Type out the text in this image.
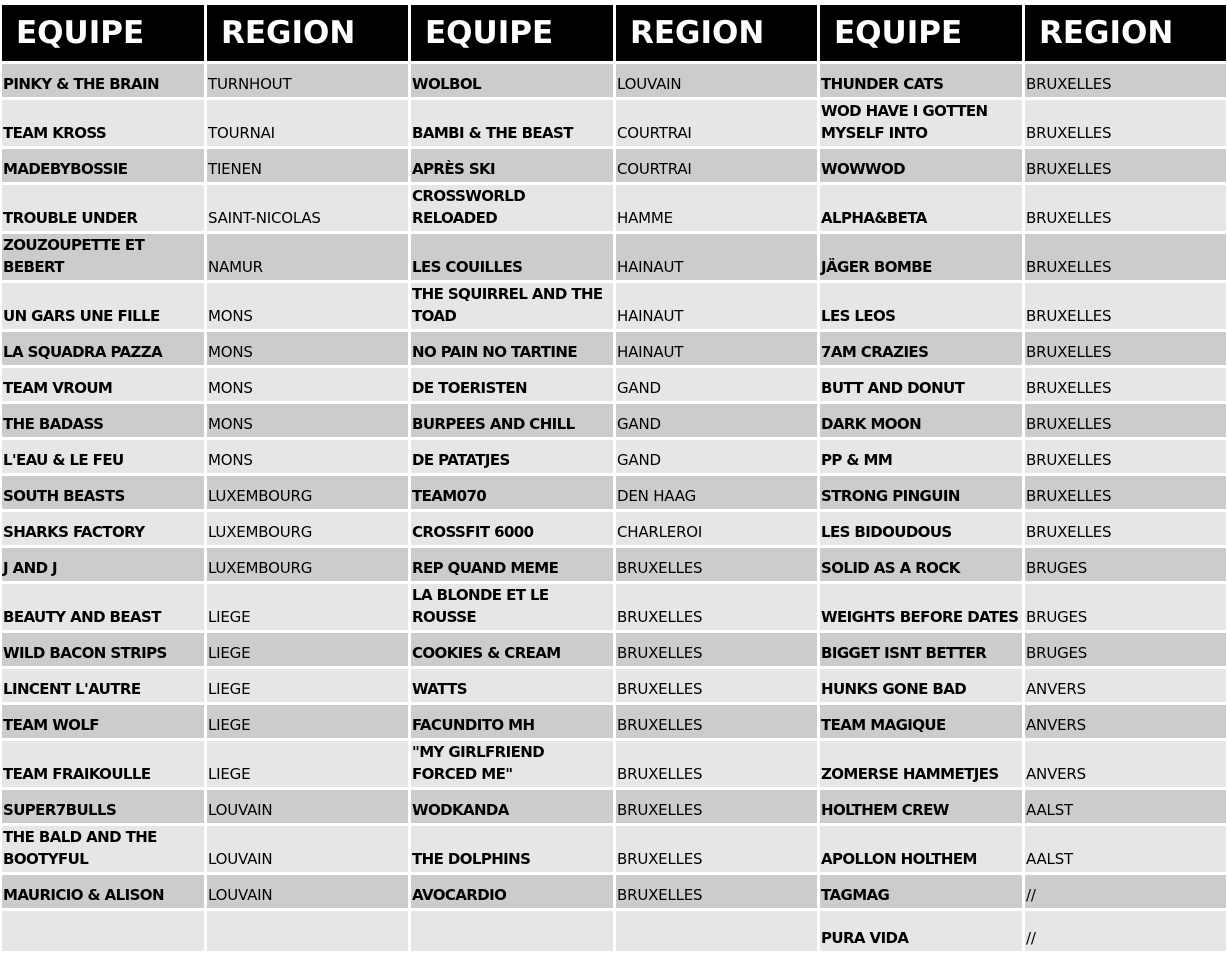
EQUIPE	REGION	EQUIPE	REGION	EQUIPE	REGION
PINKY & THE BRAIN	TURNHOUT	WOLBOL	LOUVAIN	THUNDER CATS	BRUXELLES
TEAM KROSS	TOURNAI	BAMBI & THE BEAST	COURTRAI	WOD HAVE I GOTTEN MYSELF INTO	BRUXELLES
MADEBYBOSSIE	TIENEN	APRÈS SKI	COURTRAI	WOWWOD	BRUXELLES
TROUBLE UNDER	SAINT-NICOLAS	CROSSWORLD RELOADED	HAMME	ALPHA&BETA	BRUXELLES
ZOUZOUPETTE ET BEBERT	NAMUR	LES COUILLES	HAINAUT	JÄGER BOMBE	BRUXELLES
UN GARS UNE FILLE	MONS	THE SQUIRREL AND THE TOAD	HAINAUT	LES LEOS	BRUXELLES
LA SQUADRA PAZZA	MONS	NO PAIN NO TARTINE	HAINAUT	7AM CRAZIES	BRUXELLES
TEAM VROUM	MONS	DE TOERISTEN	GAND	BUTT AND DONUT	BRUXELLES
THE BADASS	MONS	BURPEES AND CHILL	GAND	DARK MOON	BRUXELLES
L'EAU & LE FEU	MONS	DE PATATJES	GAND	PP & MM	BRUXELLES
SOUTH BEASTS	LUXEMBOURG	TEAM070	DEN HAAG	STRONG PINGUIN	BRUXELLES
SHARKS FACTORY	LUXEMBOURG	CROSSFIT 6000	CHARLEROI	LES BIDOUDOUS	BRUXELLES
J AND J	LUXEMBOURG	REP QUAND MEME	BRUXELLES	SOLID AS A ROCK	BRUGES
BEAUTY AND BEAST	LIEGE	LA BLONDE ET LE ROUSSE	BRUXELLES	WEIGHTS BEFORE DATES	BRUGES
WILD BACON STRIPS	LIEGE	COOKIES & CREAM	BRUXELLES	BIGGET ISNT BETTER	BRUGES
LINCENT L'AUTRE	LIEGE	WATTS	BRUXELLES	HUNKS GONE BAD	ANVERS
TEAM WOLF	LIEGE	FACUNDITO MH	BRUXELLES	TEAM MAGIQUE	ANVERS
TEAM FRAIKOULLE	LIEGE	"MY GIRLFRIEND FORCED ME"	BRUXELLES	ZOMERSE HAMMETJES	ANVERS
SUPER7BULLS	LOUVAIN	WODKANDA	BRUXELLES	HOLTHEM CREW	AALST
THE BALD AND THE BOOTYFUL	LOUVAIN	THE DOLPHINS	BRUXELLES	APOLLON HOLTHEM	AALST
MAURICIO & ALISON	LOUVAIN	AVOCARDIO	BRUXELLES	TAGMAG	//
				PURA VIDA	//
